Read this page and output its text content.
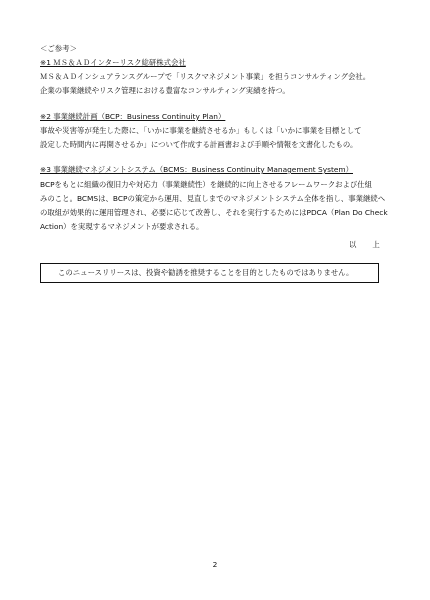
＜ご参考＞
※1 ＭＳ＆ＡＤインターリスク総研株式会社
ＭＳ＆ＡＤインシュアランスグループで「リスクマネジメント事業」を担うコンサルティング会社。
企業の事業継続やリスク管理における豊富なコンサルティング実績を持つ。
※2 事業継続計画（BCP：Business Continuity Plan）
事故や災害等が発生した際に、「いかに事業を継続させるか」もしくは「いかに事業を目標として
設定した時間内に再開させるか」について作成する計画書および手順や情報を文書化したもの。
※3 事業継続マネジメントシステム（BCMS：Business Continuity Management System）
BCPをもとに組織の復旧力や対応力（事業継続性）を継続的に向上させるフレームワークおよび仕組
みのこと。BCMSは、BCPの策定から運用、見直しまでのマネジメントシステム全体を指し、事業継続へ
の取組が効果的に運用管理され、必要に応じて改善し、それを実行するためにはPDCA（Plan Do Check
Action）を実現するマネジメントが要求される。
以 上
このニュースリリースは、投資や勧誘を推奨することを目的としたものではありません。
2
